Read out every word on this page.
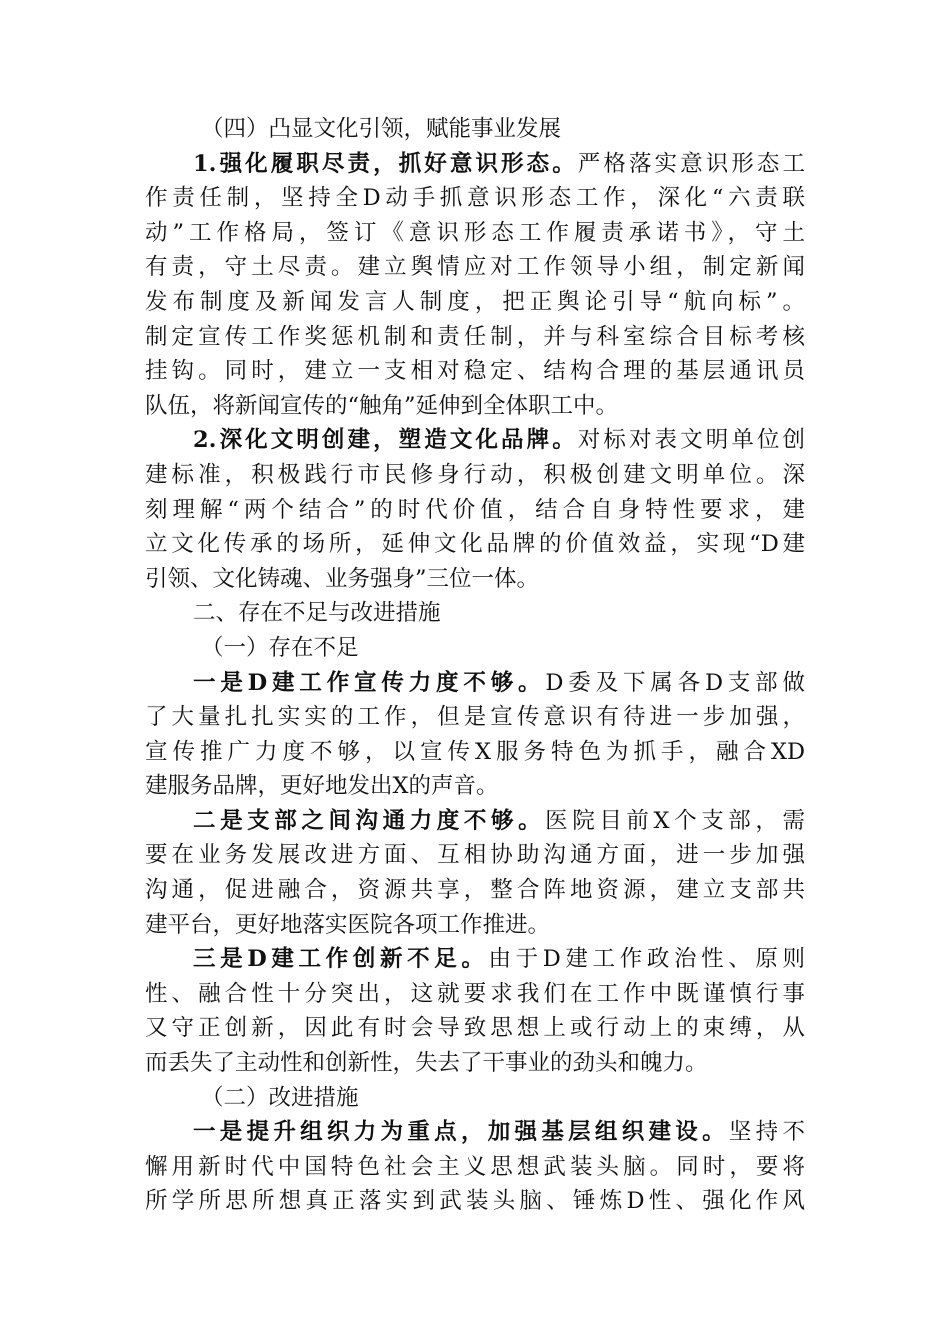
（四）凸显文化引领，赋能事业发展
1.强化履职尽责，抓好意识形态。严格落实意识形态工
作责任制，坚持全D动手抓意识形态工作，深化“六责联
动”工作格局，签订《意识形态工作履责承诺书》，守土
有责，守土尽责。建立舆情应对工作领导小组，制定新闻
发布制度及新闻发言人制度，把正舆论引导“航向标”。
制定宣传工作奖惩机制和责任制，并与科室综合目标考核
挂钩。同时，建立一支相对稳定、结构合理的基层通讯员
队伍，将新闻宣传的“触角”延伸到全体职工中。
2.深化文明创建，塑造文化品牌。对标对表文明单位创
建标准，积极践行市民修身行动，积极创建文明单位。深
刻理解“两个结合”的时代价值，结合自身特性要求，建
立文化传承的场所，延伸文化品牌的价值效益，实现“D建
引领、文化铸魂、业务强身”三位一体。
二、存在不足与改进措施
（一）存在不足
一是D建工作宣传力度不够。D委及下属各D支部做
了大量扎扎实实的工作，但是宣传意识有待进一步加强，
宣传推广力度不够，以宣传X服务特色为抓手，融合XD
建服务品牌，更好地发出X的声音。
二是支部之间沟通力度不够。医院目前X个支部，需
要在业务发展改进方面、互相协助沟通方面，进一步加强
沟通，促进融合，资源共享，整合阵地资源，建立支部共
建平台，更好地落实医院各项工作推进。
三是D建工作创新不足。由于D建工作政治性、原则
性、融合性十分突出，这就要求我们在工作中既谨慎行事
又守正创新，因此有时会导致思想上或行动上的束缚，从
而丢失了主动性和创新性，失去了干事业的劲头和魄力。
（二）改进措施
一是提升组织力为重点，加强基层组织建设。坚持不
懈用新时代中国特色社会主义思想武装头脑。同时，要将
所学所思所想真正落实到武装头脑、锤炼D性、强化作风
